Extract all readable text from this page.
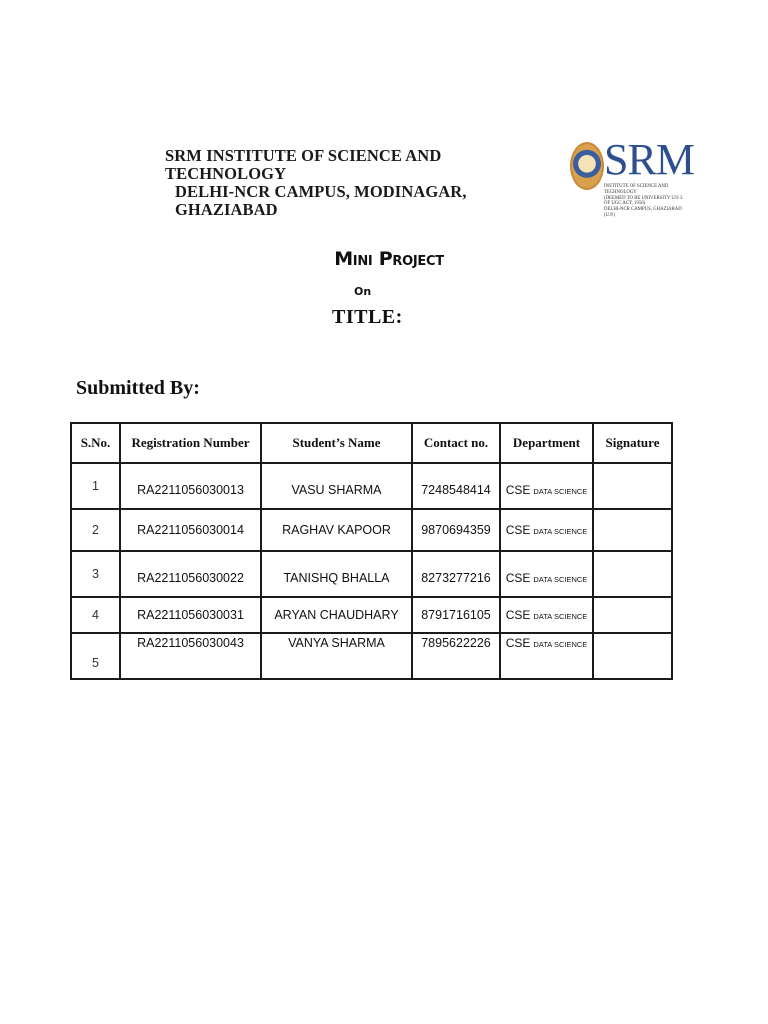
SRM INSTITUTE OF SCIENCE AND TECHNOLOGY
DELHI-NCR CAMPUS, MODINAGAR, GHAZIABAD
SRM
INSTITUTE OF SCIENCE AND TECHNOLOGY
(DEEMED TO BE UNIVERSITY U/S 3 OF UGC ACT, 1956)
DELHI-NCR CAMPUS, GHAZIABAD (U.P.)
Mini Project
On
TITLE:
Submitted By:
S.No.	Registration Number	Student’s Name	Contact no.	Department	Signature
1	RA2211056030013	VASU SHARMA	7248548414	CSE DATA SCIENCE	
2	RA2211056030014	RAGHAV KAPOOR	9870694359	CSE DATA SCIENCE	
3	RA2211056030022	TANISHQ BHALLA	8273277216	CSE DATA SCIENCE	
4	RA2211056030031	ARYAN CHAUDHARY	8791716105	CSE DATA SCIENCE	
5	RA2211056030043	VANYA SHARMA	7895622226	CSE DATA SCIENCE	
